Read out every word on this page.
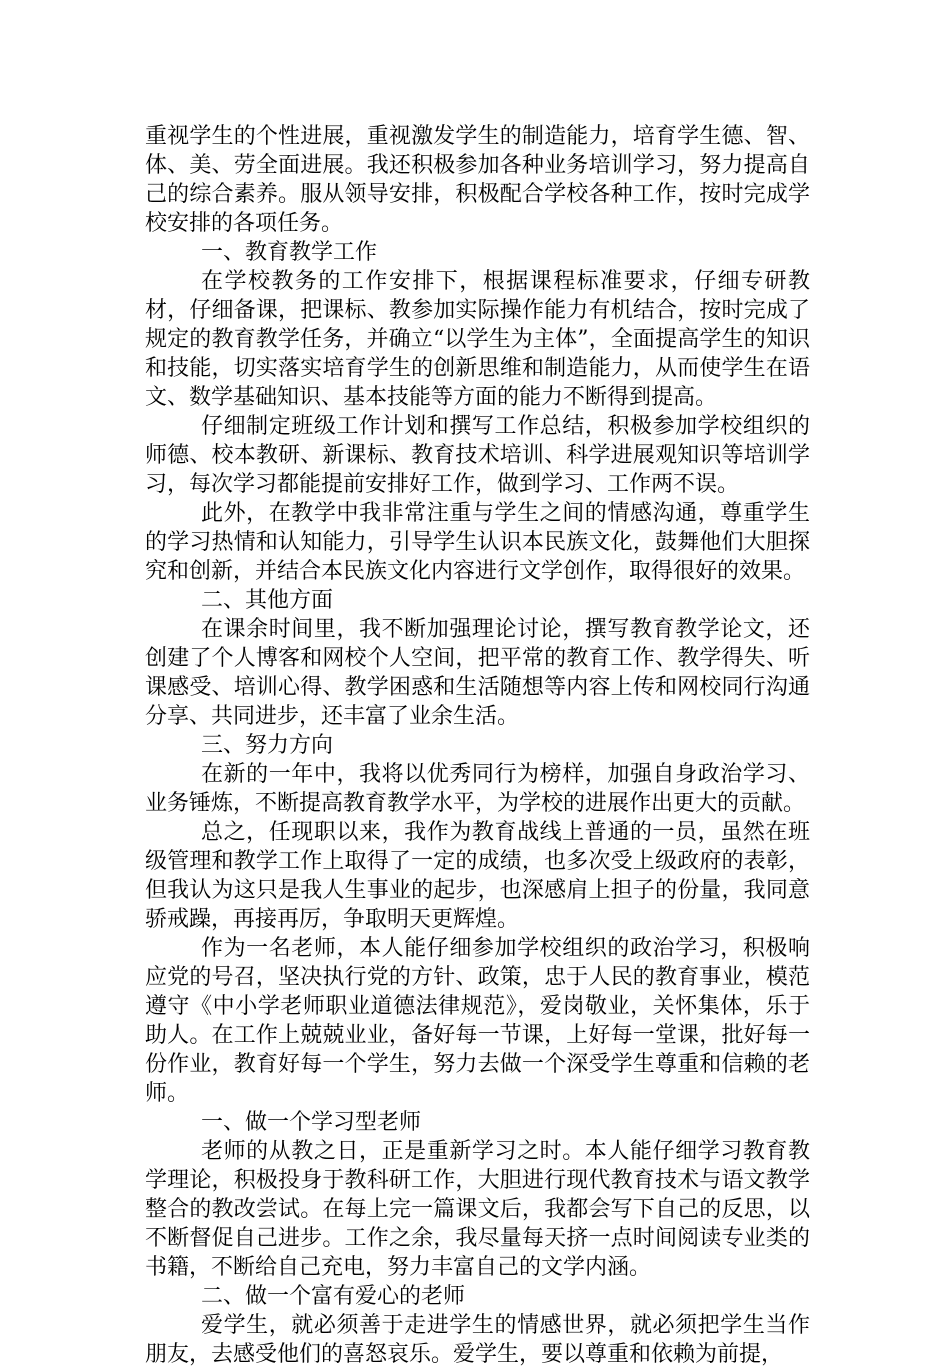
重视学生的个性进展，重视激发学生的制造能力，培育学生德、智、体、美、劳全面进展。我还积极参加各种业务培训学习，努力提高自己的综合素养。服从领导安排，积极配合学校各种工作，按时完成学校安排的各项任务。

一、教育教学工作

在学校教务的工作安排下，根据课程标准要求，仔细专研教材，仔细备课，把课标、教参加实际操作能力有机结合，按时完成了规定的教育教学任务，并确立“以学生为主体”，全面提高学生的知识和技能，切实落实培育学生的创新思维和制造能力，从而使学生在语文、数学基础知识、基本技能等方面的能力不断得到提高。

仔细制定班级工作计划和撰写工作总结，积极参加学校组织的师德、校本教研、新课标、教育技术培训、科学进展观知识等培训学习，每次学习都能提前安排好工作，做到学习、工作两不误。

此外，在教学中我非常注重与学生之间的情感沟通，尊重学生的学习热情和认知能力，引导学生认识本民族文化，鼓舞他们大胆探究和创新，并结合本民族文化内容进行文学创作，取得很好的效果。

二、其他方面

在课余时间里，我不断加强理论讨论，撰写教育教学论文，还创建了个人博客和网校个人空间，把平常的教育工作、教学得失、听课感受、培训心得、教学困惑和生活随想等内容上传和网校同行沟通分享、共同进步，还丰富了业余生活。

三、努力方向

在新的一年中，我将以优秀同行为榜样，加强自身政治学习、业务锤炼，不断提高教育教学水平，为学校的进展作出更大的贡献。

总之，任现职以来，我作为教育战线上普通的一员，虽然在班级管理和教学工作上取得了一定的成绩，也多次受上级政府的表彰，但我认为这只是我人生事业的起步，也深感肩上担子的份量，我同意骄戒躁，再接再厉，争取明天更辉煌。

作为一名老师，本人能仔细参加学校组织的政治学习，积极响应党的号召，坚决执行党的方针、政策，忠于人民的教育事业，模范遵守《中小学老师职业道德法律规范》，爱岗敬业，关怀集体，乐于助人。在工作上兢兢业业，备好每一节课，上好每一堂课，批好每一份作业，教育好每一个学生，努力去做一个深受学生尊重和信赖的老师。

一、做一个学习型老师

老师的从教之日，正是重新学习之时。本人能仔细学习教育教学理论，积极投身于教科研工作，大胆进行现代教育技术与语文教学整合的教改尝试。在每上完一篇课文后，我都会写下自己的反思，以不断督促自己进步。工作之余，我尽量每天挤一点时间阅读专业类的书籍，不断给自己充电，努力丰富自己的文学内涵。

二、做一个富有爱心的老师

爱学生，就必须善于走进学生的情感世界，就必须把学生当作朋友，去感受他们的喜怒哀乐。爱学生，要以尊重和依赖为前提，
